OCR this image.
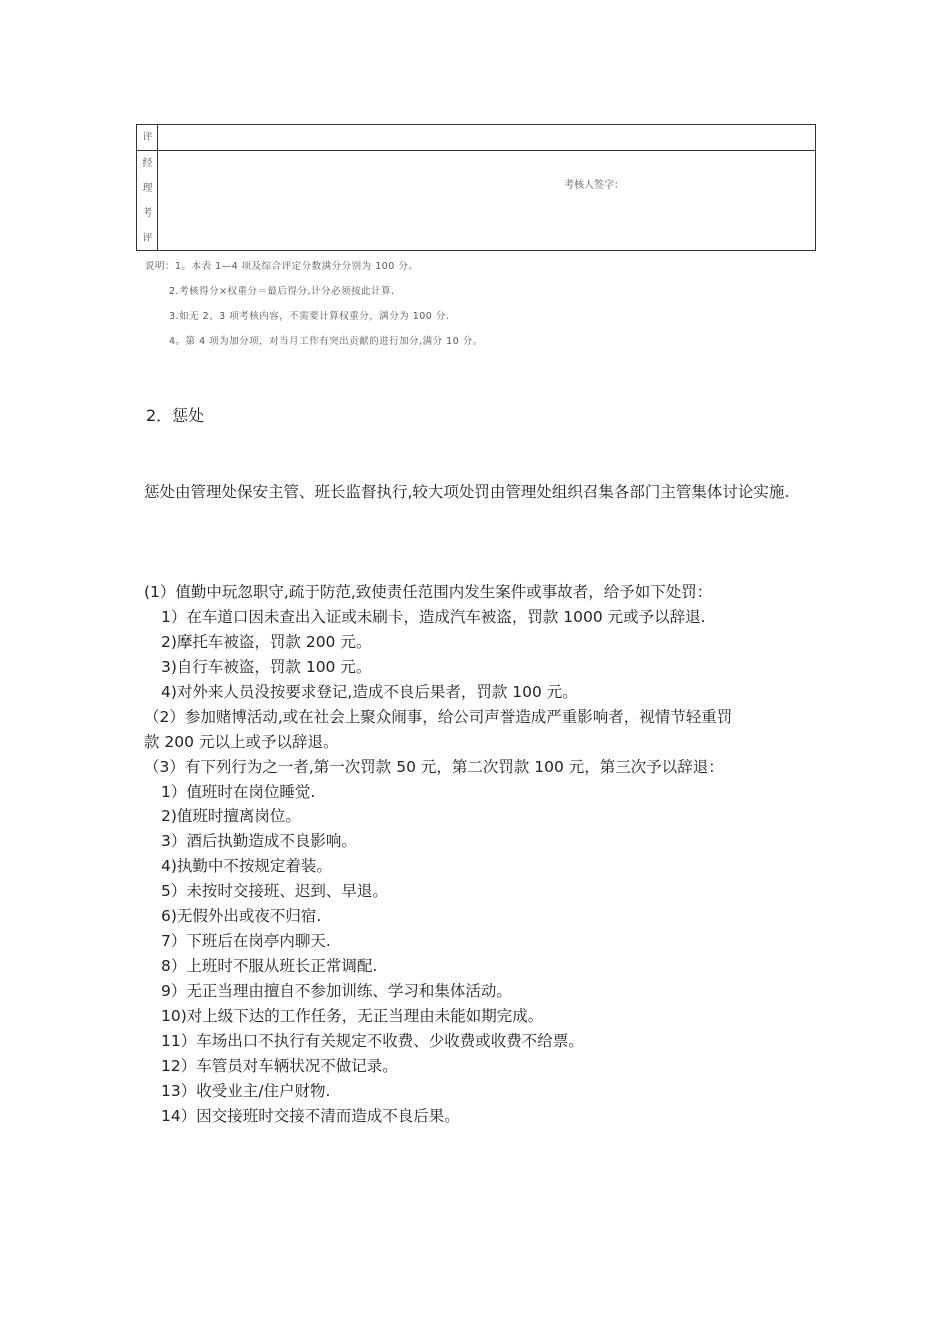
评
经
理
考
评
考核人签字：
说明：1。本表 1—4 项及综合评定分数满分分别为 100 分。
2.考核得分×权重分＝最后得分,计分必须按此计算.
3.如无 2、3 项考核内容，不需要计算权重分，满分为 100 分.
4。第 4 项为加分项，对当月工作有突出贡献的进行加分,满分 10 分。
2．惩处
惩处由管理处保安主管、班长监督执行,较大项处罚由管理处组织召集各部门主管集体讨论实施.
(1）值勤中玩忽职守,疏于防范,致使责任范围内发生案件或事故者，给予如下处罚：
1）在车道口因未查出入证或未刷卡，造成汽车被盗，罚款 1000 元或予以辞退.
2)摩托车被盗，罚款 200 元。
3)自行车被盗，罚款 100 元。
4)对外来人员没按要求登记,造成不良后果者，罚款 100 元。
（2）参加赌博活动,或在社会上聚众闹事，给公司声誉造成严重影响者，视情节轻重罚
款 200 元以上或予以辞退。
（3）有下列行为之一者,第一次罚款 50 元，第二次罚款 100 元，第三次予以辞退：
1）值班时在岗位睡觉.
2)值班时擅离岗位。
3）酒后执勤造成不良影响。
4)执勤中不按规定着装。
5）未按时交接班、迟到、早退。
6)无假外出或夜不归宿.
7）下班后在岗亭内聊天.
8）上班时不服从班长正常调配.
9）无正当理由擅自不参加训练、学习和集体活动。
10)对上级下达的工作任务，无正当理由未能如期完成。
11）车场出口不执行有关规定不收费、少收费或收费不给票。
12）车管员对车辆状况不做记录。
13）收受业主/住户财物.
14）因交接班时交接不清而造成不良后果。
